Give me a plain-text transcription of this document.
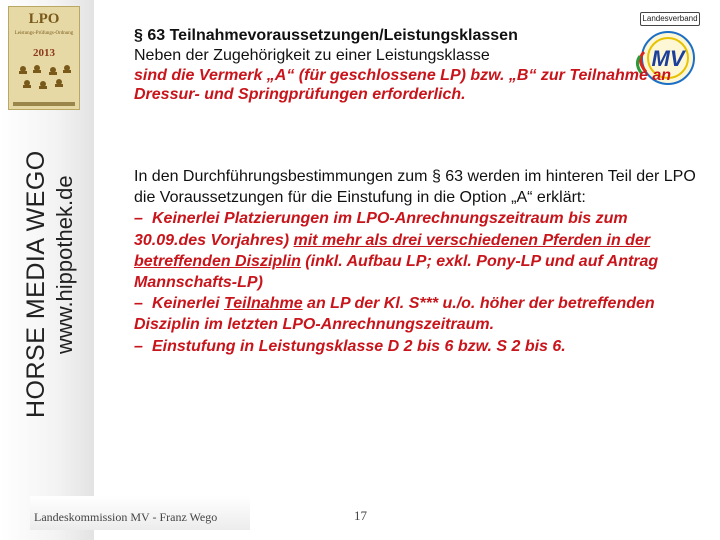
LPO
Leistungs-Prüfungs-Ordnung
2013
HORSE MEDIA WEGO www.hippothek.de
Landesverband
MV
§ 63 Teilnahmevoraussetzungen/Leistungsklassen
Neben der Zugehörigkeit zu einer Leistungsklasse
sind die Vermerk „A“ (für geschlossene LP) bzw. „B“ zur Teilnahme an Dressur- und Springprüfungen erforderlich.
In den Durchführungsbestimmungen zum § 63 werden im hinteren Teil der LPO die Voraussetzungen für die Einstufung in die Option „A“ erklärt:
– Keinerlei Platzierungen im LPO-Anrechnungszeitraum bis zum 30.09.des Vorjahres) mit mehr als drei verschiedenen Pferden in der betreffenden Disziplin (inkl. Aufbau LP; exkl. Pony-LP und auf Antrag Mannschafts-LP)
– Keinerlei Teilnahme an LP der Kl. S*** u./o. höher der betreffenden Disziplin im letzten LPO-Anrechnungszeitraum.
– Einstufung in Leistungsklasse D 2 bis 6 bzw. S 2 bis 6.
Landeskommission MV - Franz Wego	17
